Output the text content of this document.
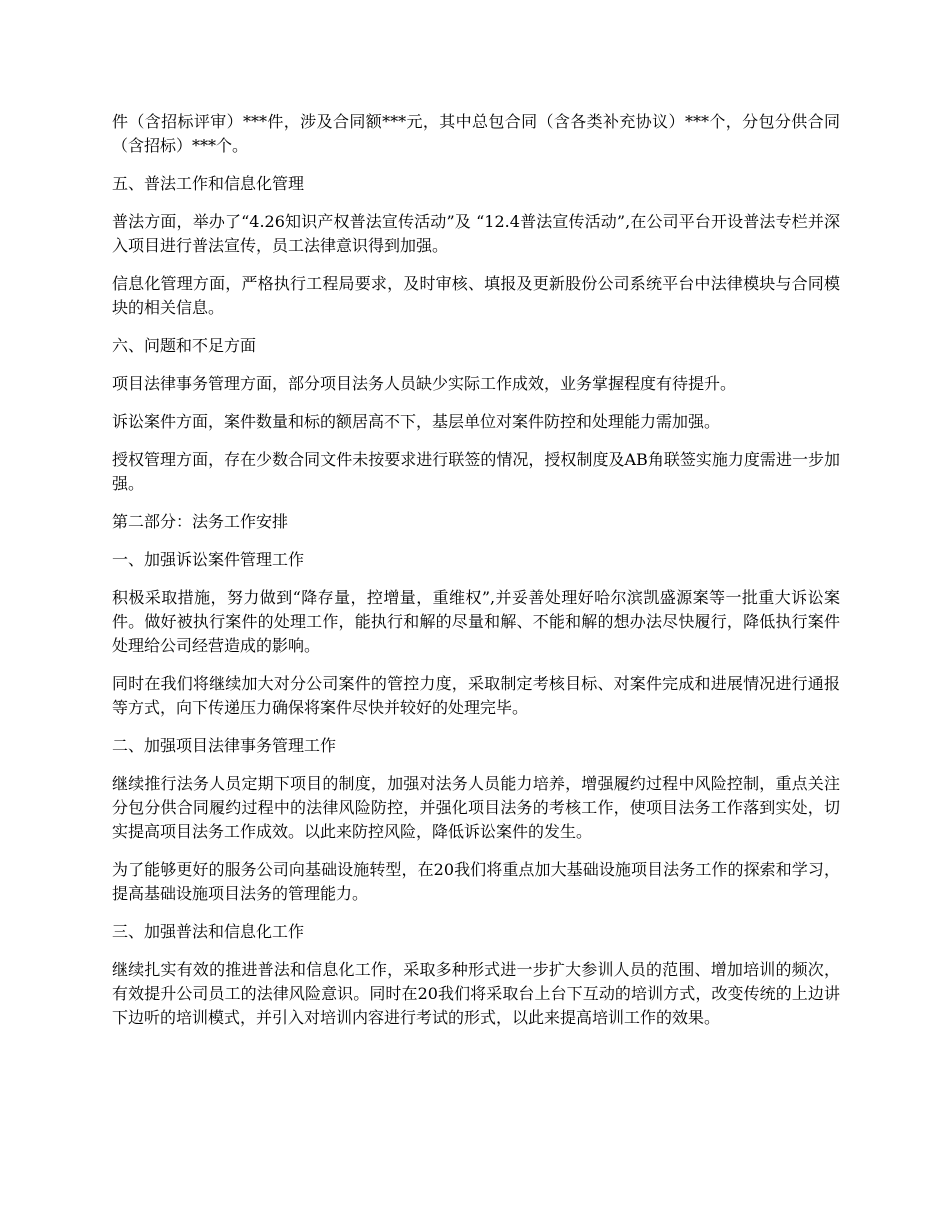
件（含招标评审）***件，涉及合同额***元，其中总包合同（含各类补充协议）***个，分包分供合同（含招标）***个。

五、普法工作和信息化管理

普法方面，举办了“4.26知识产权普法宣传活动”及 “12.4普法宣传活动”,在公司平台开设普法专栏并深入项目进行普法宣传，员工法律意识得到加强。

信息化管理方面，严格执行工程局要求，及时审核、填报及更新股份公司系统平台中法律模块与合同模块的相关信息。

六、问题和不足方面

项目法律事务管理方面，部分项目法务人员缺少实际工作成效，业务掌握程度有待提升。

诉讼案件方面，案件数量和标的额居高不下，基层单位对案件防控和处理能力需加强。

授权管理方面，存在少数合同文件未按要求进行联签的情况，授权制度及AB角联签实施力度需进一步加强。

第二部分：法务工作安排

一、加强诉讼案件管理工作

积极采取措施，努力做到“降存量，控增量，重维权”,并妥善处理好哈尔滨凯盛源案等一批重大诉讼案件。做好被执行案件的处理工作，能执行和解的尽量和解、不能和解的想办法尽快履行，降低执行案件处理给公司经营造成的影响。

同时在我们将继续加大对分公司案件的管控力度，采取制定考核目标、对案件完成和进展情况进行通报等方式，向下传递压力确保将案件尽快并较好的处理完毕。

二、加强项目法律事务管理工作

继续推行法务人员定期下项目的制度，加强对法务人员能力培养，增强履约过程中风险控制，重点关注分包分供合同履约过程中的法律风险防控，并强化项目法务的考核工作，使项目法务工作落到实处，切实提高项目法务工作成效。以此来防控风险，降低诉讼案件的发生。

为了能够更好的服务公司向基础设施转型，在20我们将重点加大基础设施项目法务工作的探索和学习，提高基础设施项目法务的管理能力。

三、加强普法和信息化工作

继续扎实有效的推进普法和信息化工作，采取多种形式进一步扩大参训人员的范围、增加培训的频次，有效提升公司员工的法律风险意识。同时在20我们将采取台上台下互动的培训方式，改变传统的上边讲下边听的培训模式，并引入对培训内容进行考试的形式，以此来提高培训工作的效果。
